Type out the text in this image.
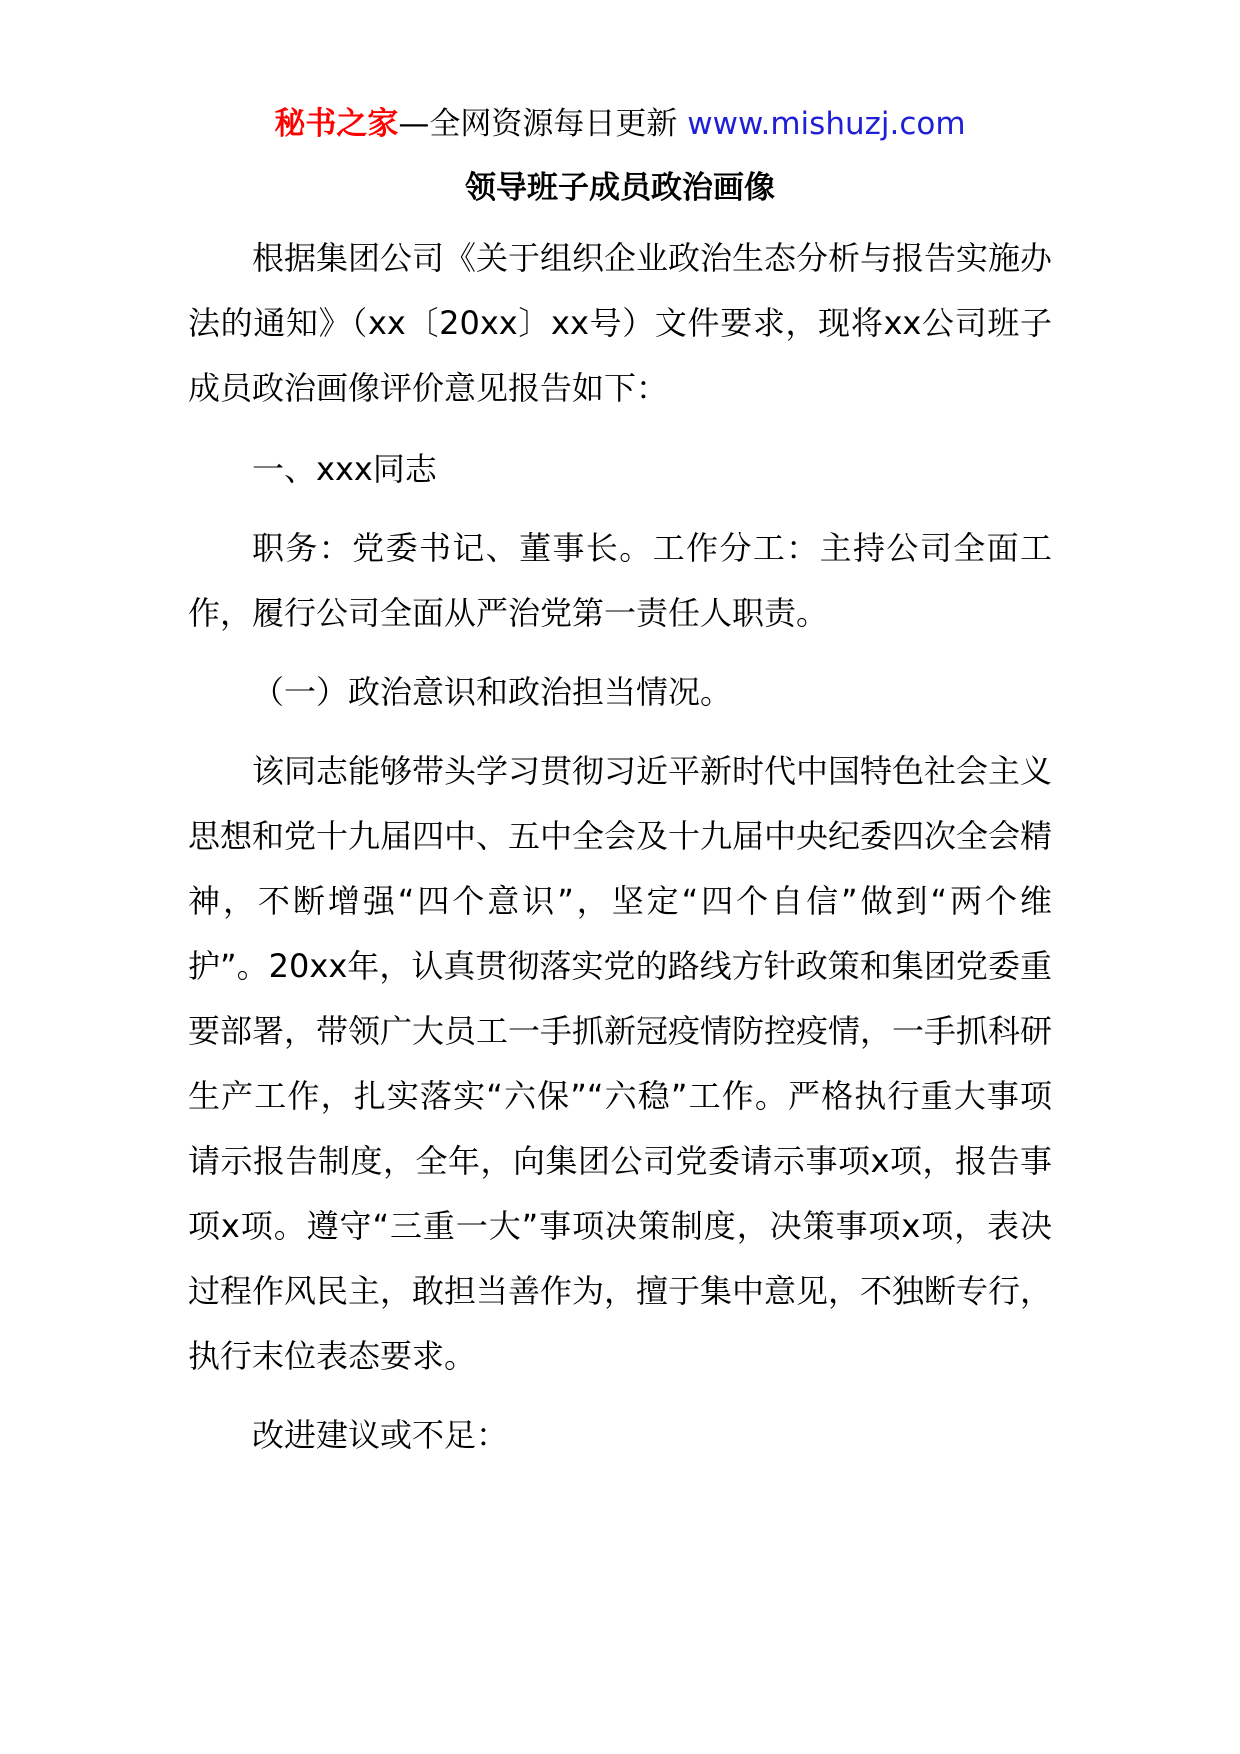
秘书之家—全网资源每日更新 www.mishuzj.com
领导班子成员政治画像

根据集团公司《关于组织企业政治生态分析与报告实施办法的通知》（xx〔20xx〕xx号）文件要求，现将xx公司班子成员政治画像评价意见报告如下：

一、xxx同志

职务：党委书记、董事长。工作分工：主持公司全面工作，履行公司全面从严治党第一责任人职责。

（一）政治意识和政治担当情况。

该同志能够带头学习贯彻习近平新时代中国特色社会主义思想和党十九届四中、五中全会及十九届中央纪委四次全会精神，不断增强“四个意识”，坚定“四个自信”做到“两个维护”。20xx年，认真贯彻落实党的路线方针政策和集团党委重要部署，带领广大员工一手抓新冠疫情防控疫情，一手抓科研生产工作，扎实落实“六保”“六稳”工作。严格执行重大事项请示报告制度，全年，向集团公司党委请示事项x项，报告事项x项。遵守“三重一大”事项决策制度，决策事项x项，表决过程作风民主，敢担当善作为，擅于集中意见，不独断专行，执行末位表态要求。

改进建议或不足：
